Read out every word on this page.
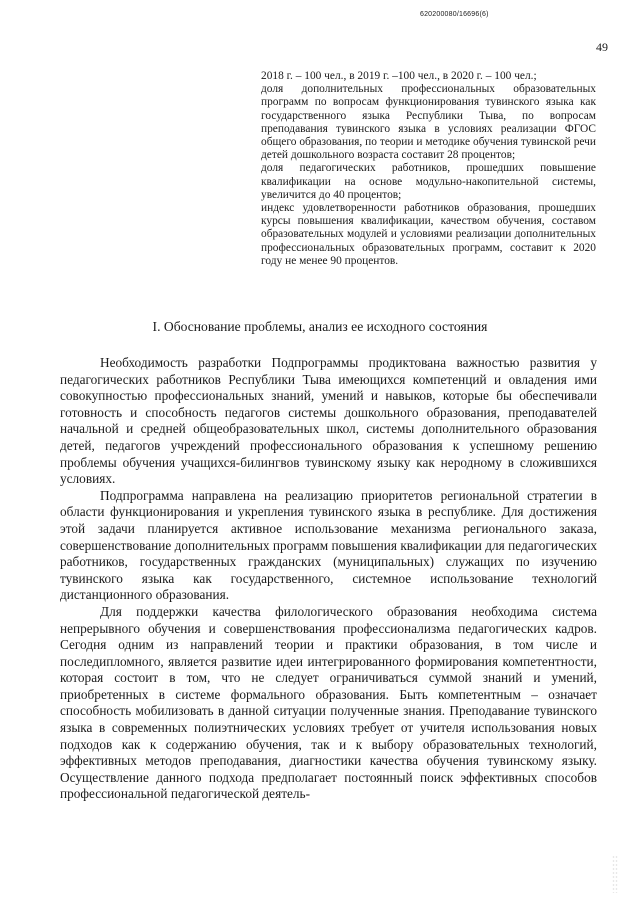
620200080/16696(6)
49

2018 г. – 100 чел., в 2019 г. –100 чел., в 2020 г. – 100 чел.;

доля дополнительных профессиональных образовательных программ по вопросам функционирования тувинского языка как государственного языка Республики Тыва, по вопросам преподавания тувинского языка в условиях реализации ФГОС общего образования, по теории и методике обучения тувинской речи детей дошкольного возраста составит 28 процентов;

доля педагогических работников, прошедших повышение квалификации на основе модульно-накопительной системы, увеличится до 40 процентов;

индекс удовлетворенности работников образования, прошедших курсы повышения квалификации, качеством обучения, составом образовательных модулей и условиями реализации дополнительных профессиональных образовательных программ, составит к 2020 году не менее 90 процентов.

I. Обоснование проблемы, анализ ее исходного состояния

Необходимость разработки Подпрограммы продиктована важностью развития у педагогических работников Республики Тыва имеющихся компетенций и овладения ими совокупностью профессиональных знаний, умений и навыков, которые бы обеспечивали готовность и способность педагогов системы дошкольного образования, преподавателей начальной и средней общеобразовательных школ, системы дополнительного образования детей, педагогов учреждений профессионального образования к успешному решению проблемы обучения учащихся-билингвов тувинскому языку как неродному в сложившихся условиях.

Подпрограмма направлена на реализацию приоритетов региональной стратегии в области функционирования и укрепления тувинского языка в республике. Для достижения этой задачи планируется активное использование механизма регионального заказа, совершенствование дополнительных программ повышения квалификации для педагогических работников, государственных гражданских (муниципальных) служащих по изучению тувинского языка как государственного, системное использование технологий дистанционного образования.

Для поддержки качества филологического образования необходима система непрерывного обучения и совершенствования профессионализма педагогических кадров. Сегодня одним из направлений теории и практики образования, в том числе и последипломного, является развитие идеи интегрированного формирования компетентности, которая состоит в том, что не следует ограничиваться суммой знаний и умений, приобретенных в системе формального образования. Быть компетентным – означает способность мобилизовать в данной ситуации полученные знания. Преподавание тувинского языка в современных полиэтнических условиях требует от учителя использования новых подходов как к содержанию обучения, так и к выбору образовательных технологий, эффективных методов преподавания, диагностики качества обучения тувинскому языку. Осуществление данного подхода предполагает постоянный поиск эффективных способов профессиональной педагогической деятель-
